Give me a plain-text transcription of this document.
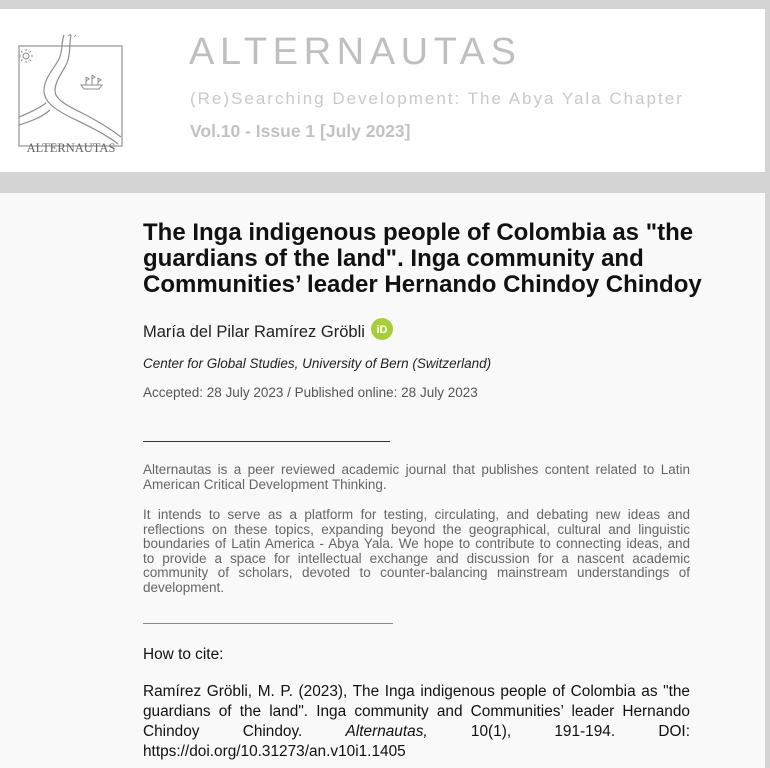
ALTERNAUTAS
ALTERNAUTAS
(Re)Searching Development: The Abya Yala Chapter
Vol.10 - Issue 1 [July 2023]
The Inga indigenous people of Colombia as "the
guardians of the land". Inga community and
Communities’ leader Hernando Chindoy Chindoy
María del Pilar Ramírez Gröbli iD
Center for Global Studies, University of Bern (Switzerland)
Accepted: 28 July 2023 / Published online: 28 July 2023
Alternautas is a peer reviewed academic journal that publishes content related to Latin
American Critical Development Thinking.
It intends to serve as a platform for testing, circulating, and debating new ideas and
reflections on these topics, expanding beyond the geographical, cultural and linguistic
boundaries of Latin America - Abya Yala. We hope to contribute to connecting ideas, and
to provide a space for intellectual exchange and discussion for a nascent academic
community of scholars, devoted to counter-balancing mainstream understandings of
development.
How to cite:
Ramírez Gröbli, M. P. (2023), The Inga indigenous people of Colombia as "the
guardians of the land". Inga community and Communities’ leader Hernando
Chindoy Chindoy.	Alternautas,	10(1), 191-194. DOI:
https://doi.org/10.31273/an.v10i1.1405
